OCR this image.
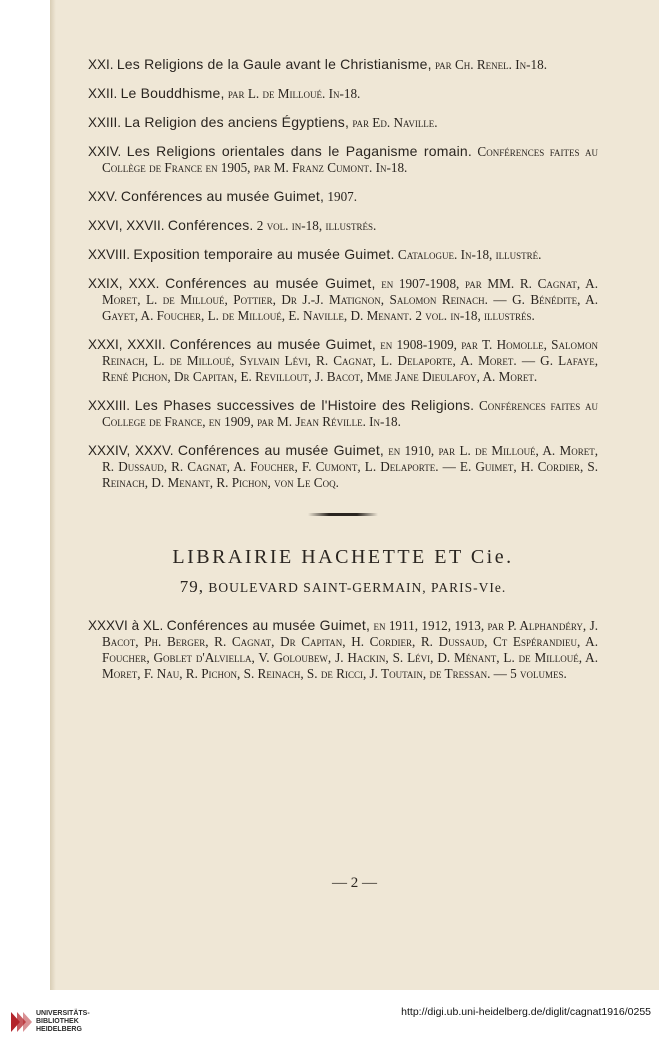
XXI. Les Religions de la Gaule avant le Christianisme, par Ch. Renel. In-18.
XXII. Le Bouddhisme, par L. de Milloué. In-18.
XXIII. La Religion des anciens Égyptiens, par Ed. Naville.
XXIV. Les Religions orientales dans le Paganisme romain. Conférences faites au Collège de France en 1905, par M. Franz Cumont. In-18.
XXV. Conférences au musée Guimet, 1907.
XXVI, XXVII. Conférences. 2 vol. in-18, illustrés.
XXVIII. Exposition temporaire au musée Guimet. Catalogue. In-18, illustré.
XXIX, XXX. Conférences au musée Guimet, en 1907-1908, par MM. R. Cagnat, A. Moret, L. de Milloué, Pottier, Dr J.-J. Matignon, Salomon Reinach. — G. Bénédite, A. Gayet, A. Foucher, L. de Milloué, E. Naville, D. Menant. 2 vol. in-18, illustrés.
XXXI, XXXII. Conférences au musée Guimet, en 1908-1909, par T. Homolle, Salomon Reinach, L. de Milloué, Sylvain Lévi, R. Cagnat, L. Delaporte, A. Moret. — G. Lafaye, René Pichon, Dr Capitan, E. Revillout, J. Bacot, Mme Jane Dieulafoy, A. Moret.
XXXIII. Les Phases successives de l'Histoire des Religions. Conférences faites au College de France, en 1909, par M. Jean Réville. In-18.
XXXIV, XXXV. Conférences au musée Guimet, en 1910, par L. de Milloué, A. Moret, R. Dussaud, R. Cagnat, A. Foucher, F. Cumont, L. Delaporte. — E. Guimet, H. Cordier, S. Reinach, D. Menant, R. Pichon, von Le Coq.
LIBRAIRIE HACHETTE ET Cie.
79, BOULEVARD SAINT-GERMAIN, PARIS-VIe.
XXXVI à XL. Conférences au musée Guimet, en 1911, 1912, 1913, par P. Alphandéry, J. Bacot, Ph. Berger, R. Cagnat, Dr Capitan, H. Cordier, R. Dussaud, Ct Espérandieu, A. Foucher, Goblet d'Alviella, V. Goloubew, J. Hackin, S. Lévi, D. Ménant, L. de Milloué, A. Moret, F. Nau, R. Pichon, S. Reinach, S. de Ricci, J. Toutain, de Tressan. — 5 volumes.
— 2 —
UNIVERSITÄTS-
BIBLIOTHEK
HEIDELBERG
http://digi.ub.uni-heidelberg.de/diglit/cagnat1916/0255
